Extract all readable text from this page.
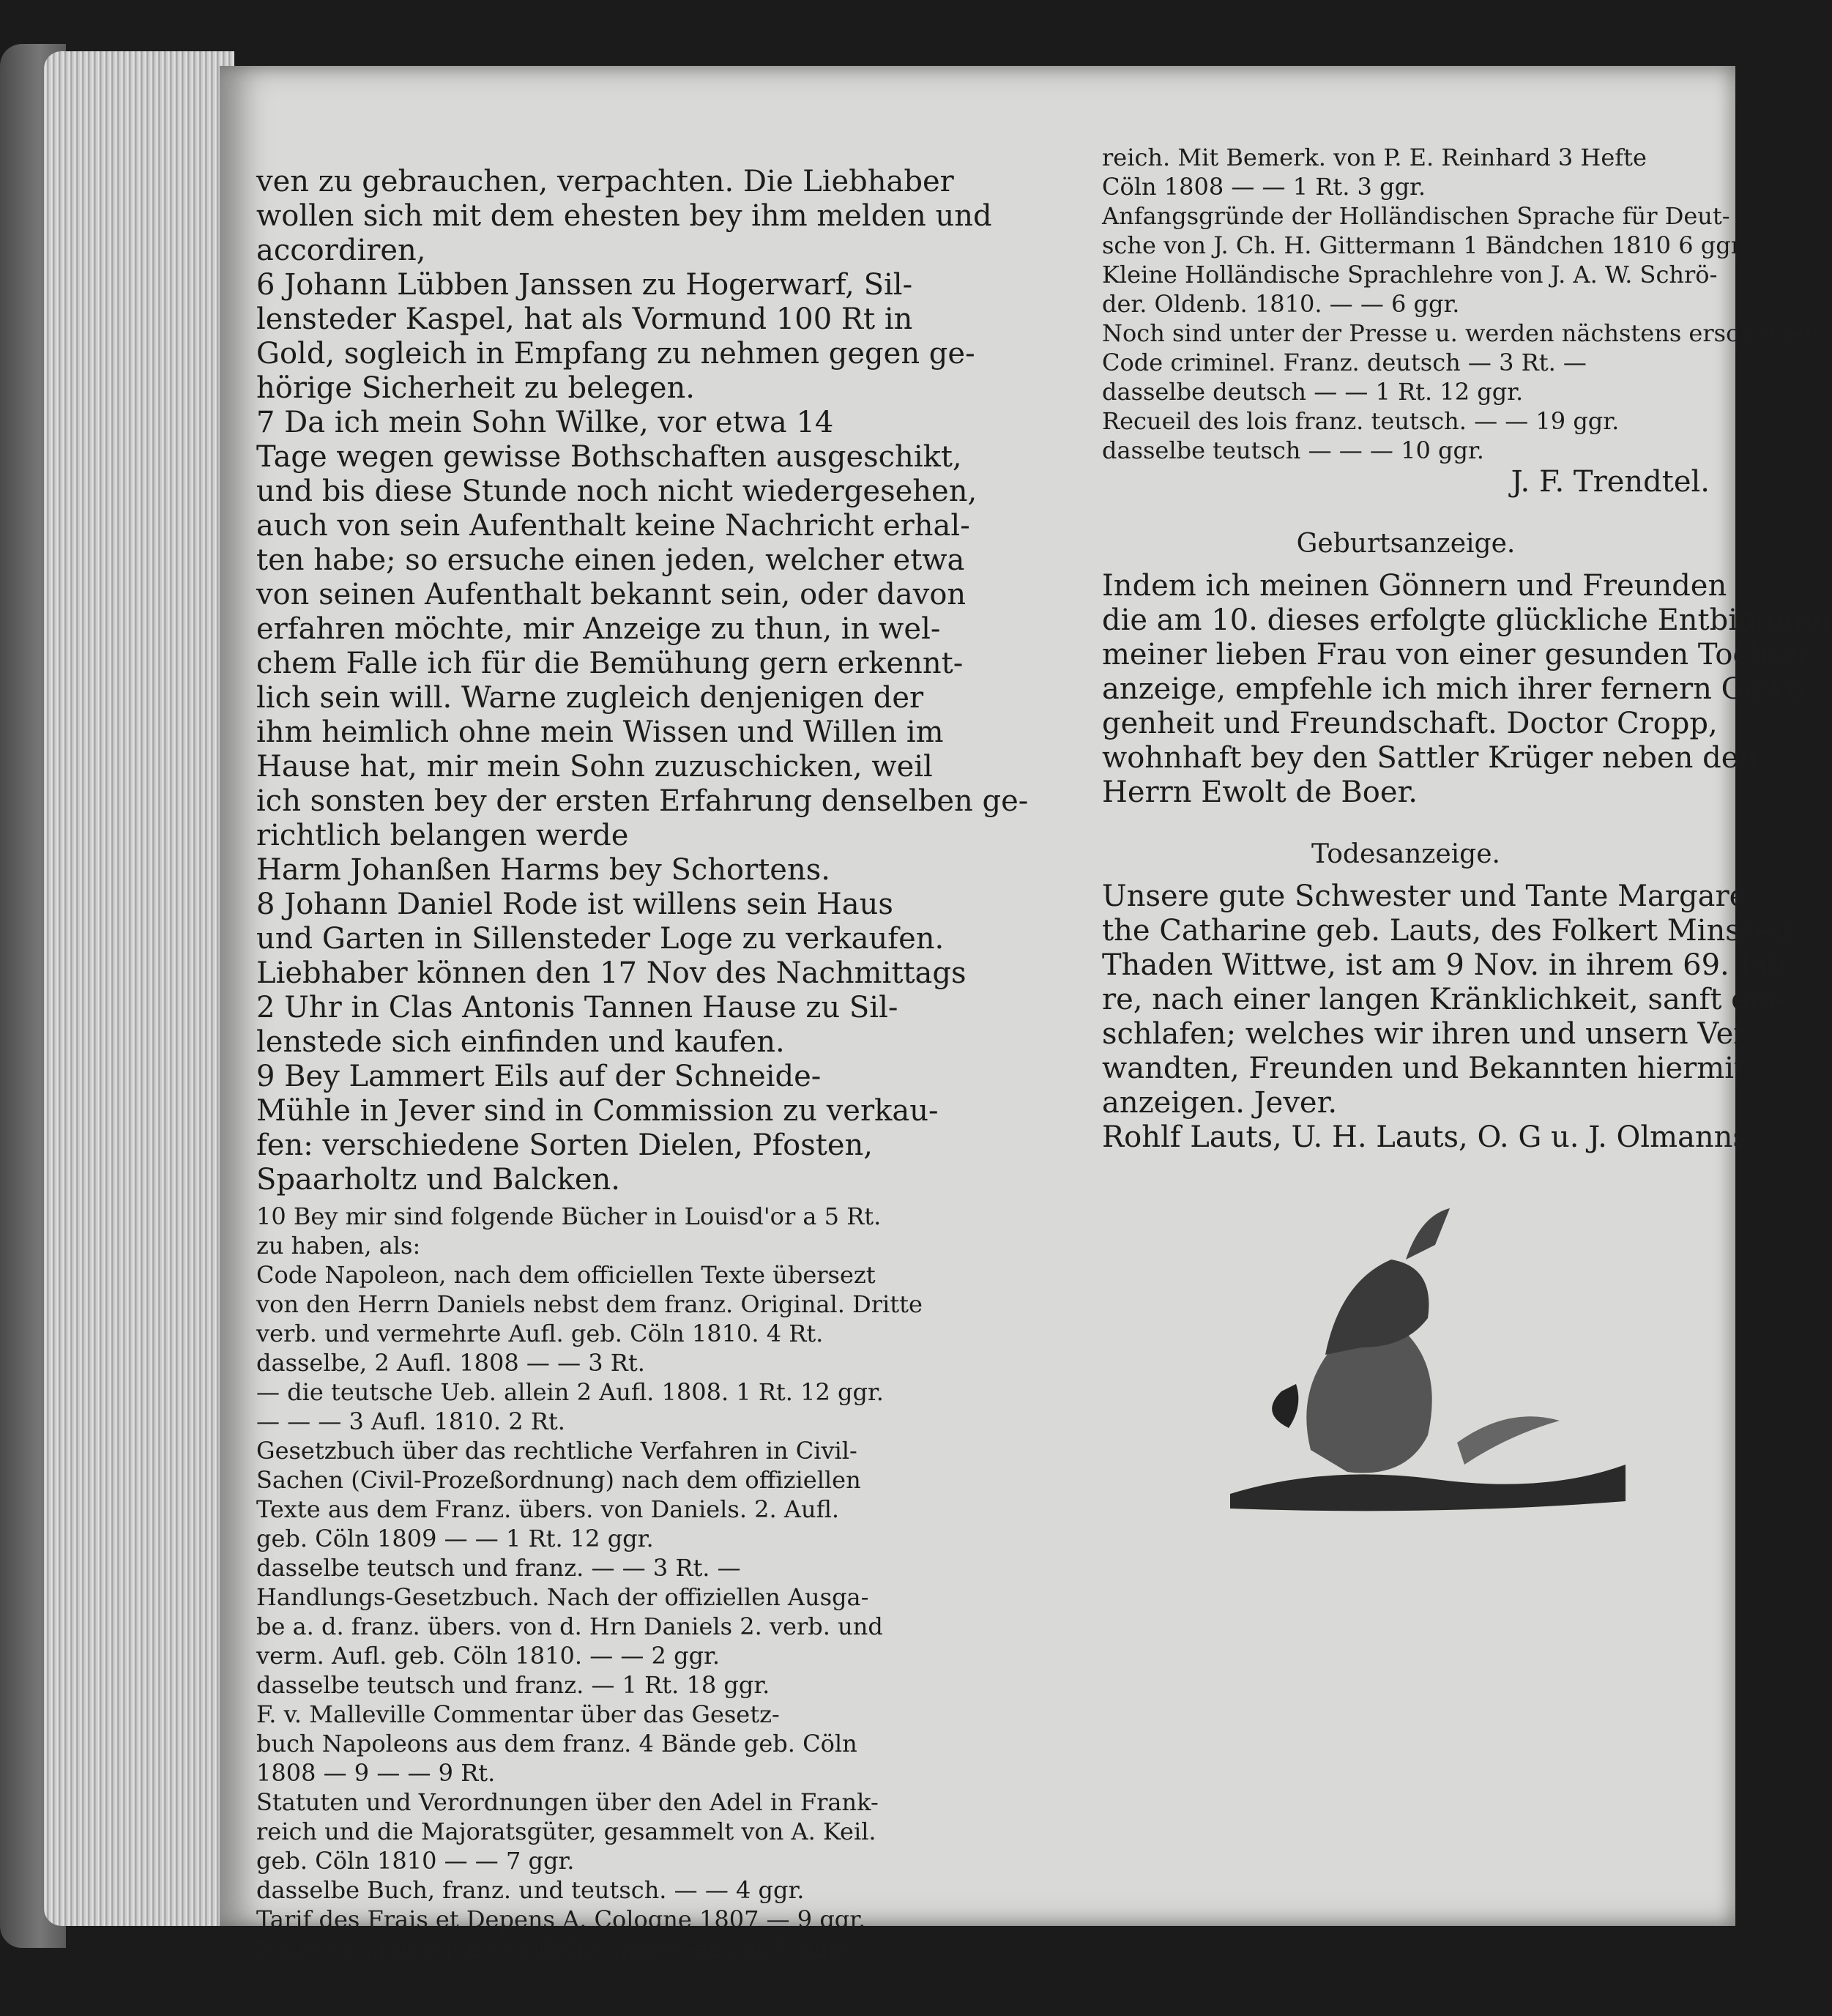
ven zu gebrauchen, verpachten. Die Liebhaber
wollen sich mit dem ehesten bey ihm melden und
accordiren,
6 Johann Lübben Janssen zu Hogerwarf, Sil-
lensteder Kaspel, hat als Vormund 100 Rt in
Gold, sogleich in Empfang zu nehmen gegen ge-
hörige Sicherheit zu belegen.
7 Da ich mein Sohn Wilke, vor etwa 14
Tage wegen gewisse Bothschaften ausgeschikt,
und bis diese Stunde noch nicht wiedergesehen,
auch von sein Aufenthalt keine Nachricht erhal-
ten habe; so ersuche einen jeden, welcher etwa
von seinen Aufenthalt bekannt sein, oder davon
erfahren möchte, mir Anzeige zu thun, in wel-
chem Falle ich für die Bemühung gern erkennt-
lich sein will. Warne zugleich denjenigen der
ihm heimlich ohne mein Wissen und Willen im
Hause hat, mir mein Sohn zuzuschicken, weil
ich sonsten bey der ersten Erfahrung denselben ge-
richtlich belangen werde
Harm Johanßen Harms bey Schortens.
8 Johann Daniel Rode ist willens sein Haus
und Garten in Sillensteder Loge zu verkaufen.
Liebhaber können den 17 Nov des Nachmittags
2 Uhr in Clas Antonis Tannen Hause zu Sil-
lenstede sich einfinden und kaufen.
9 Bey Lammert Eils auf der Schneide-
Mühle in Jever sind in Commission zu verkau-
fen: verschiedene Sorten Dielen, Pfosten,
Spaarholtz und Balcken.
10 Bey mir sind folgende Bücher in Louisd'or a 5 Rt.
zu haben, als:
Code Napoleon, nach dem officiellen Texte übersezt
von den Herrn Daniels nebst dem franz. Original. Dritte
verb. und vermehrte Aufl. geb. Cöln 1810. 4 Rt.
dasselbe, 2 Aufl. 1808 — — 3 Rt.
— die teutsche Ueb. allein 2 Aufl. 1808. 1 Rt. 12 ggr.
— — — 3 Aufl. 1810. 2 Rt.
Gesetzbuch über das rechtliche Verfahren in Civil-
Sachen (Civil-Prozeßordnung) nach dem offiziellen
Texte aus dem Franz. übers. von Daniels. 2. Aufl.
geb. Cöln 1809 — — 1 Rt. 12 ggr.
dasselbe teutsch und franz. — — 3 Rt. —
Handlungs-Gesetzbuch. Nach der offiziellen Ausga-
be a. d. franz. übers. von d. Hrn Daniels 2. verb. und
verm. Aufl. geb. Cöln 1810. — — 2 ggr.
dasselbe teutsch und franz. — 1 Rt. 18 ggr.
F. v. Malleville Commentar über das Gesetz-
buch Napoleons aus dem franz. 4 Bände geb. Cöln
1808 — 9 — — 9 Rt.
Statuten und Verordnungen über den Adel in Frank-
reich und die Majoratsgüter, gesammelt von A. Keil.
geb. Cöln 1810 — — 7 ggr.
dasselbe Buch, franz. und teutsch. — — 4 ggr.
Tarif des Frais et Depens A. Cologne 1807 — 9 ggr.
Neue Organisation des Religionswesens in Frank-
reich. Mit Bemerk. von P. E. Reinhard 3 Hefte
Cöln 1808 — — 1 Rt. 3 ggr.
Anfangsgründe der Holländischen Sprache für Deut-
sche von J. Ch. H. Gittermann 1 Bändchen 1810 6 ggr.
Kleine Holländische Sprachlehre von J. A. W. Schrö-
der. Oldenb. 1810. — — 6 ggr.
Noch sind unter der Presse u. werden nächstens erscheinen,
Code criminel. Franz. deutsch — 3 Rt. —
dasselbe deutsch — — 1 Rt. 12 ggr.
Recueil des lois franz. teutsch. — — 19 ggr.
dasselbe teutsch — — — 10 ggr.
J. F. Trendtel.
Geburtsanzeige.
Indem ich meinen Gönnern und Freunden
die am 10. dieses erfolgte glückliche Entbindung
meiner lieben Frau von einer gesunden Tochter
anzeige, empfehle ich mich ihrer fernern Gewo-
genheit und Freundschaft. Doctor Cropp,
wohnhaft bey den Sattler Krüger neben den
Herrn Ewolt de Boer.
Todesanzeige.
Unsere gute Schwester und Tante Margare-
the Catharine geb. Lauts, des Folkert Minssen
Thaden Wittwe, ist am 9 Nov. in ihrem 69. Jah-
re, nach einer langen Kränklichkeit, sanft ein-
schlafen; welches wir ihren und unsern Ver-
wandten, Freunden und Bekannten hiermit
anzeigen. Jever.
Rohlf Lauts, U. H. Lauts, O. G u. J. Olmanns.
